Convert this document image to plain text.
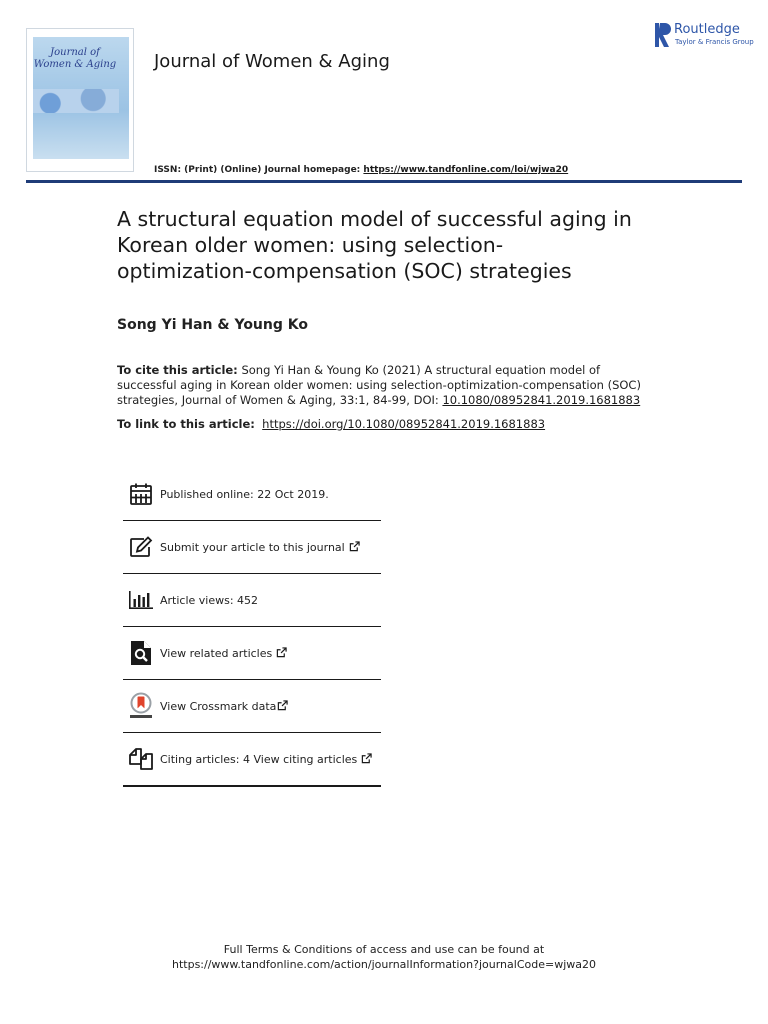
Journal of Women & Aging Journal of Women & Aging
Routledge
Taylor & Francis Group
ISSN: (Print) (Online) Journal homepage: https://www.tandfonline.com/loi/wjwa20
A structural equation model of successful aging in Korean older women: using selection-optimization-compensation (SOC) strategies
Song Yi Han & Young Ko
To cite this article: Song Yi Han & Young Ko (2021) A structural equation model of successful aging in Korean older women: using selection-optimization-compensation (SOC) strategies, Journal of Women & Aging, 33:1, 84-99, DOI: 10.1080/08952841.2019.1681883
To link to this article: https://doi.org/10.1080/08952841.2019.1681883
Published online: 22 Oct 2019.
Submit your article to this journal
Article views: 452
View related articles
View Crossmark data
Citing articles: 4 View citing articles
Full Terms & Conditions of access and use can be found at
https://www.tandfonline.com/action/journalInformation?journalCode=wjwa20
